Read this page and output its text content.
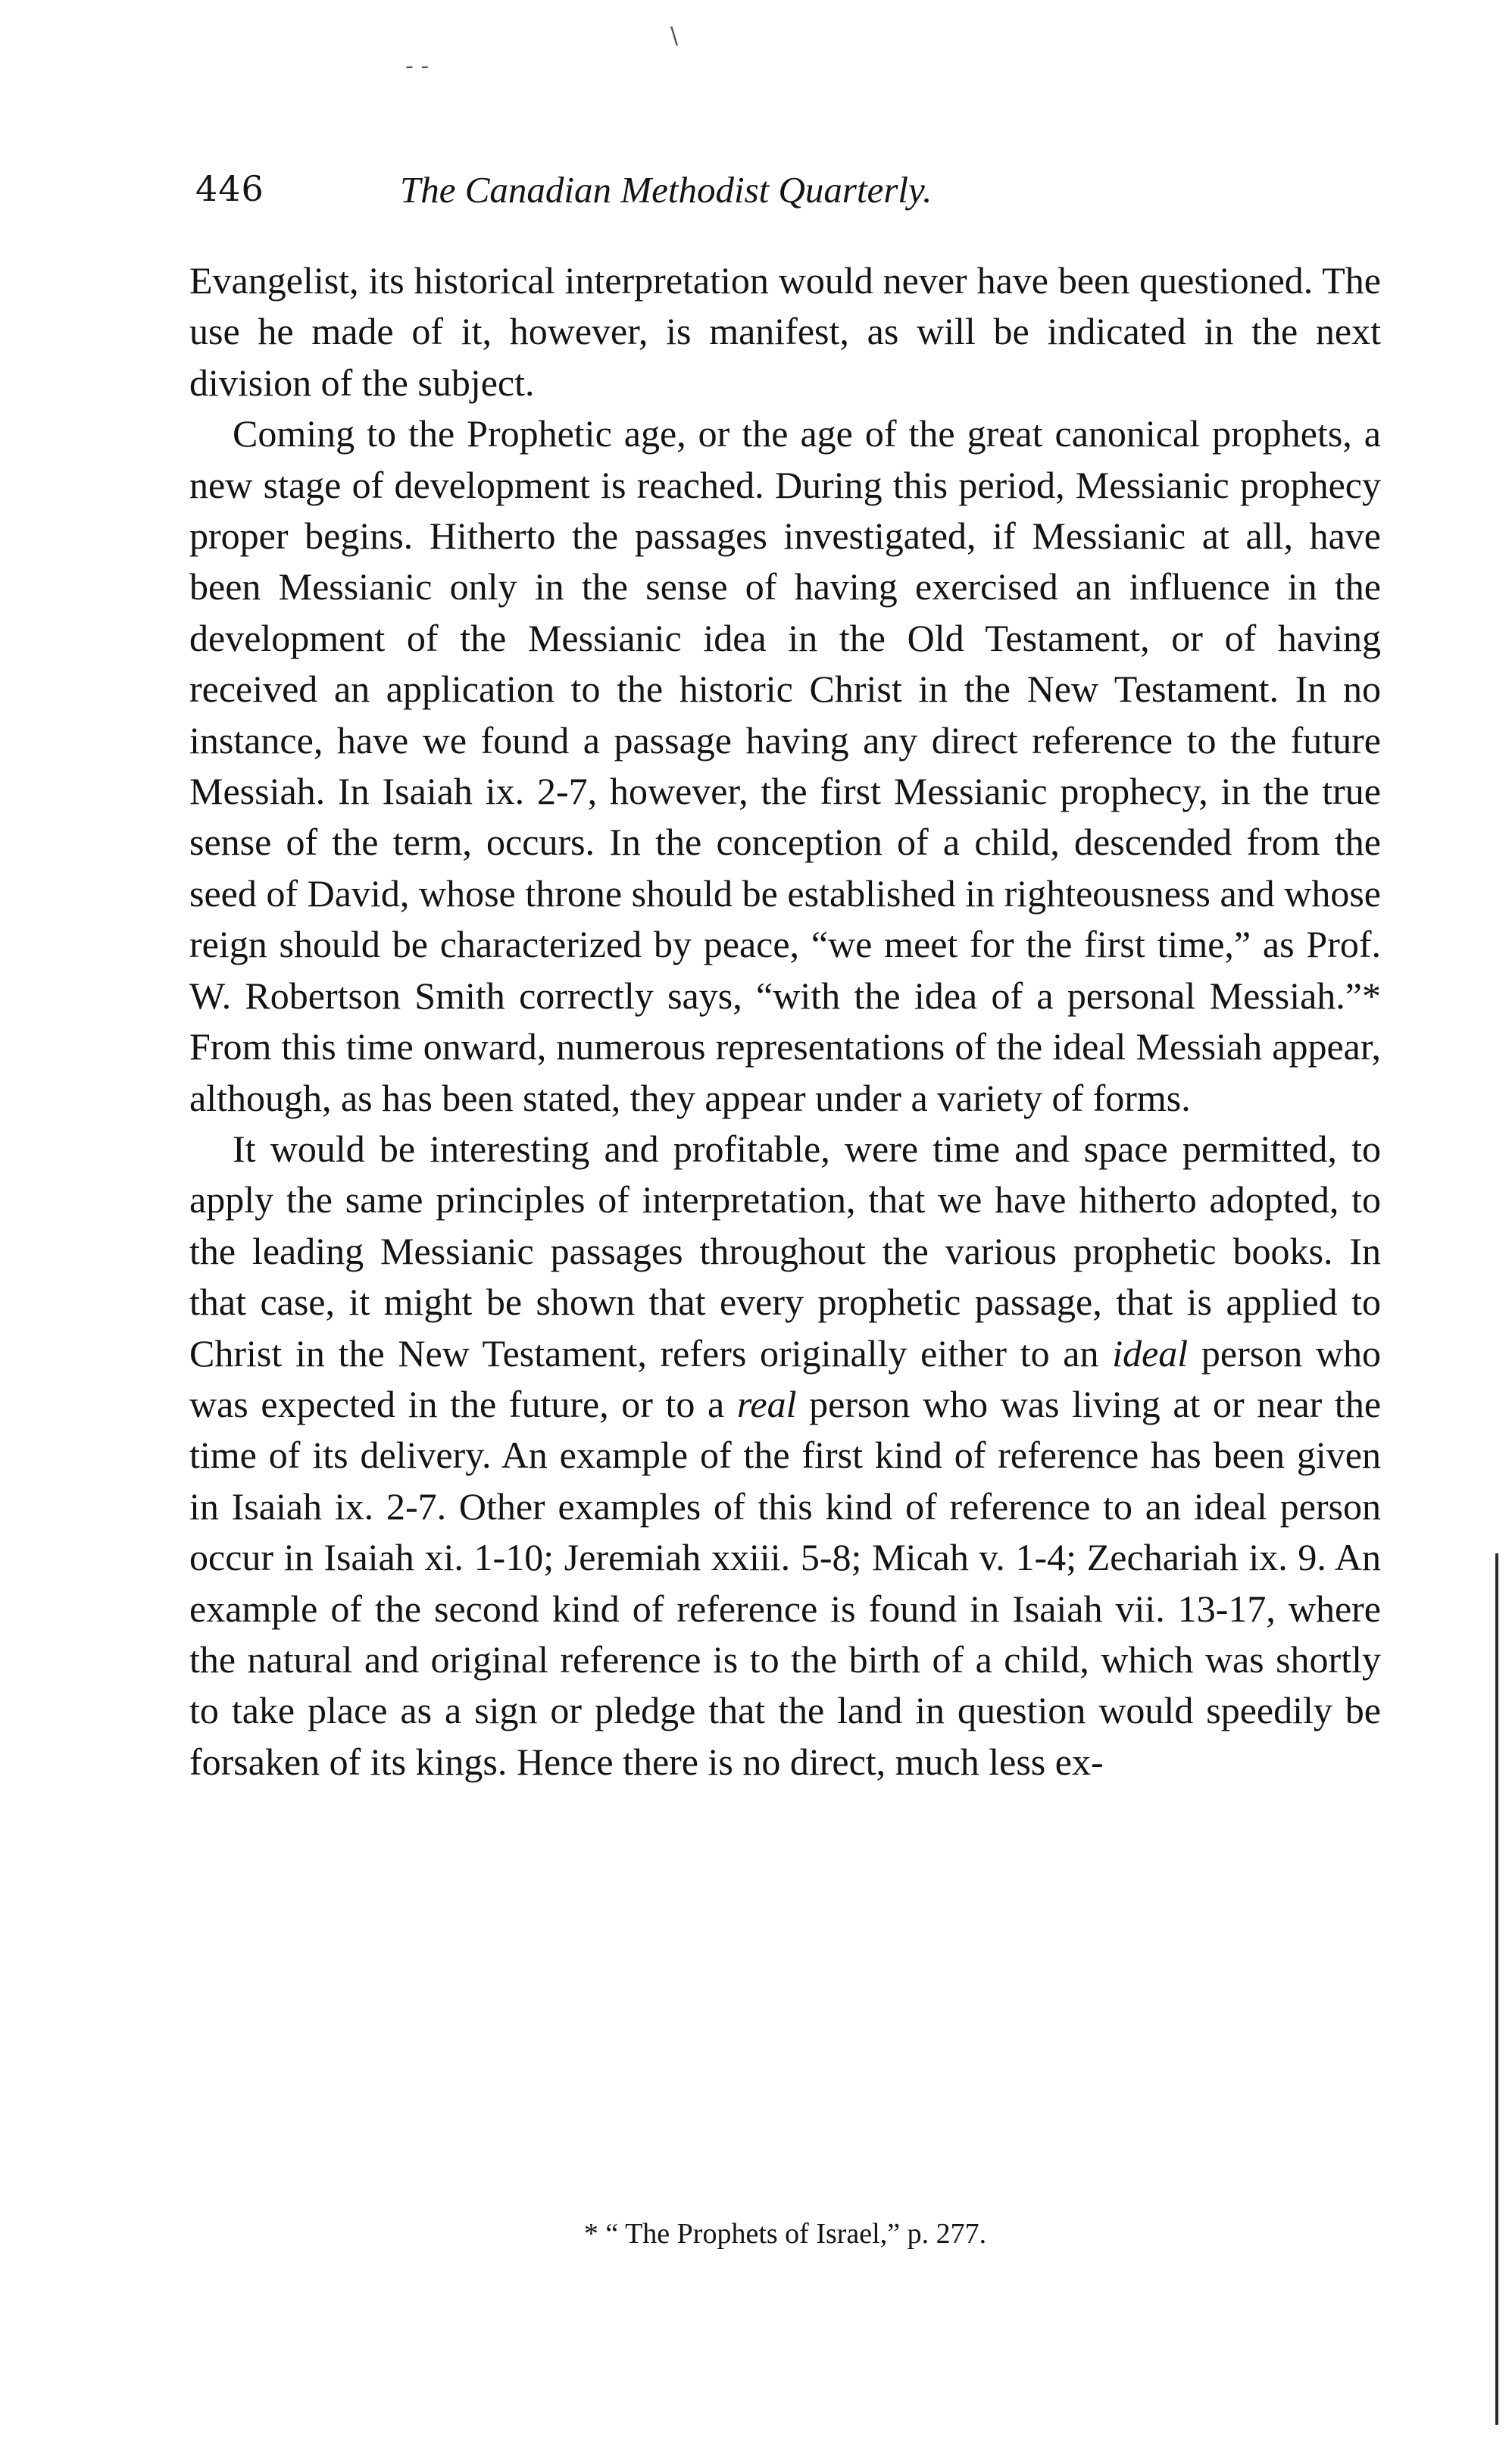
- -
\
446	The Canadian Methodist Quarterly.

Evangelist, its historical interpretation would never have been questioned. The use he made of it, however, is manifest, as will be indicated in the next division of the subject.

Coming to the Prophetic age, or the age of the great canonical prophets, a new stage of development is reached. During this period, Messianic prophecy proper begins. Hitherto the passages investigated, if Messianic at all, have been Messianic only in the sense of having exercised an influence in the development of the Messianic idea in the Old Testament, or of having received an application to the historic Christ in the New Testament. In no instance, have we found a passage having any direct reference to the future Messiah. In Isaiah ix. 2-7, however, the first Messianic prophecy, in the true sense of the term, occurs. In the conception of a child, descended from the seed of David, whose throne should be established in righteousness and whose reign should be characterized by peace, “we meet for the first time,” as Prof. W. Robertson Smith correctly says, “with the idea of a personal Messiah.”* From this time onward, numerous representations of the ideal Messiah appear, although, as has been stated, they appear under a variety of forms.

It would be interesting and profitable, were time and space permitted, to apply the same principles of interpretation, that we have hitherto adopted, to the leading Messianic passages throughout the various prophetic books. In that case, it might be shown that every prophetic passage, that is applied to Christ in the New Testament, refers originally either to an ideal person who was expected in the future, or to a real person who was living at or near the time of its delivery. An example of the first kind of reference has been given in Isaiah ix. 2-7. Other examples of this kind of reference to an ideal person occur in Isaiah xi. 1-10; Jeremiah xxiii. 5-8; Micah v. 1-4; Zechariah ix. 9. An example of the second kind of reference is found in Isaiah vii. 13-17, where the natural and original reference is to the birth of a child, which was shortly to take place as a sign or pledge that the land in question would speedily be forsaken of its kings. Hence there is no direct, much less ex-

* “ The Prophets of Israel,” p. 277.
